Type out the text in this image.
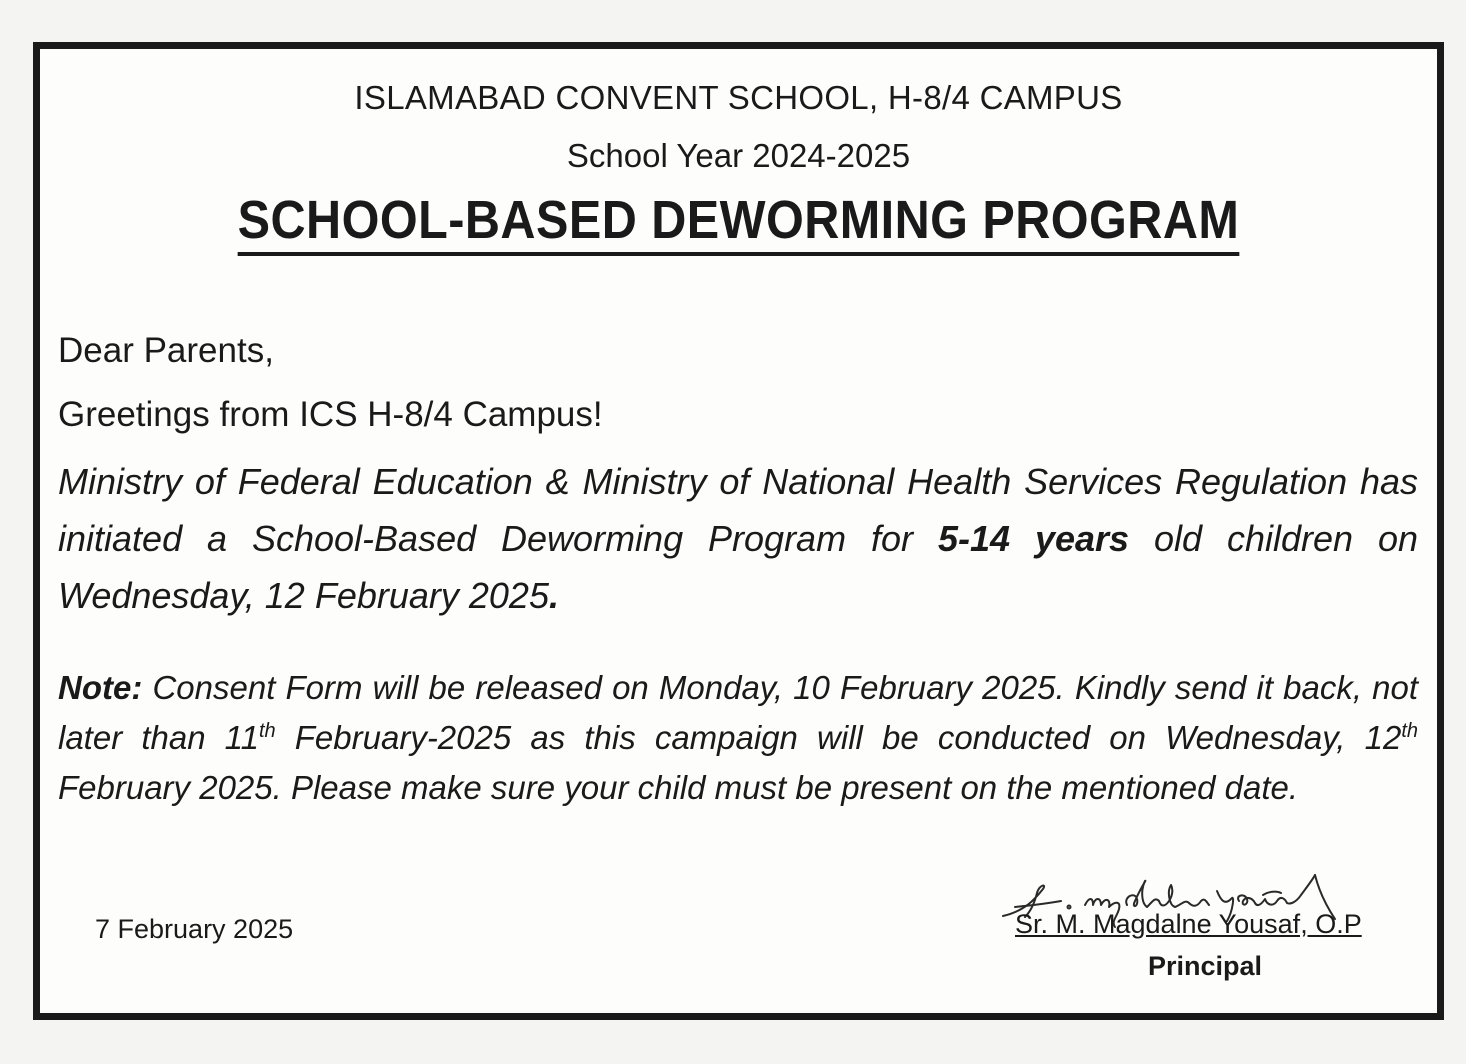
ISLAMABAD CONVENT SCHOOL, H-8/4 CAMPUS
School Year 2024-2025
SCHOOL-BASED DEWORMING PROGRAM
Dear Parents,
Greetings from ICS H-8/4 Campus!
Ministry of Federal Education & Ministry of National Health Services Regulation has initiated a School-Based Deworming Program for 5-14 years old children on Wednesday, 12 February 2025.
Note: Consent Form will be released on Monday, 10 February 2025. Kindly send it back, not later than 11th February-2025 as this campaign will be conducted on Wednesday, 12th February 2025. Please make sure your child must be present on the mentioned date.
7 February 2025	Sr. M. Magdalne Yousaf, O.P
Principal
